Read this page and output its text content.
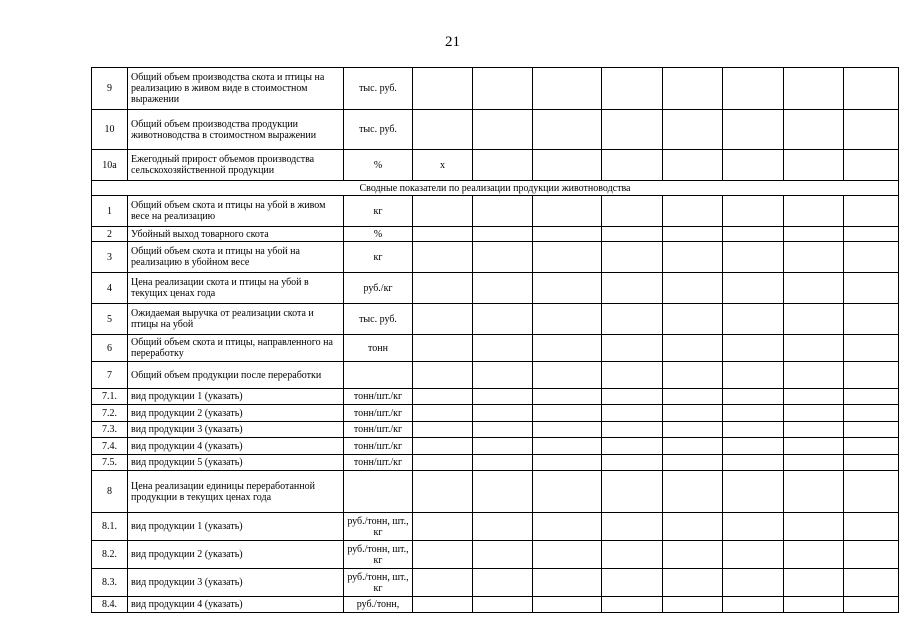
21
9	Общий объем производства скота и птицы на реализацию в живом виде в стоимостном выражении	тыс. руб.								
10	Общий объем производства продукции животноводства в стоимостном выражении	тыс. руб.								
10а	Ежегодный прирост объемов производства сельскохозяйственной продукции	%	х							
Сводные показатели по реализации продукции животноводства										
1	Общий объем скота и птицы на убой в живом весе на реализацию	кг								
2	Убойный выход товарного скота	%								
3	Общий объем скота и птицы на убой на реализацию в убойном весе	кг								
4	Цена реализации скота и птицы на убой в текущих ценах года	руб./кг								
5	Ожидаемая выручка от реализации скота и птицы на убой	тыс. руб.								
6	Общий объем скота и птицы, направленного на переработку	тонн								
7	Общий объем продукции после переработки									
7.1.	вид продукции 1 (указать)	тонн/шт./кг								
7.2.	вид продукции 2 (указать)	тонн/шт./кг								
7.3.	вид продукции 3 (указать)	тонн/шт./кг								
7.4.	вид продукции 4 (указать)	тонн/шт./кг								
7.5.	вид продукции 5 (указать)	тонн/шт./кг								
8	Цена реализации единицы переработанной продукции в текущих ценах года									
8.1.	вид продукции 1 (указать)	руб./тонн, шт., кг								
8.2.	вид продукции 2 (указать)	руб./тонн, шт., кг								
8.3.	вид продукции 3 (указать)	руб./тонн, шт., кг								
8.4.	вид продукции 4 (указать)	руб./тонн,								
